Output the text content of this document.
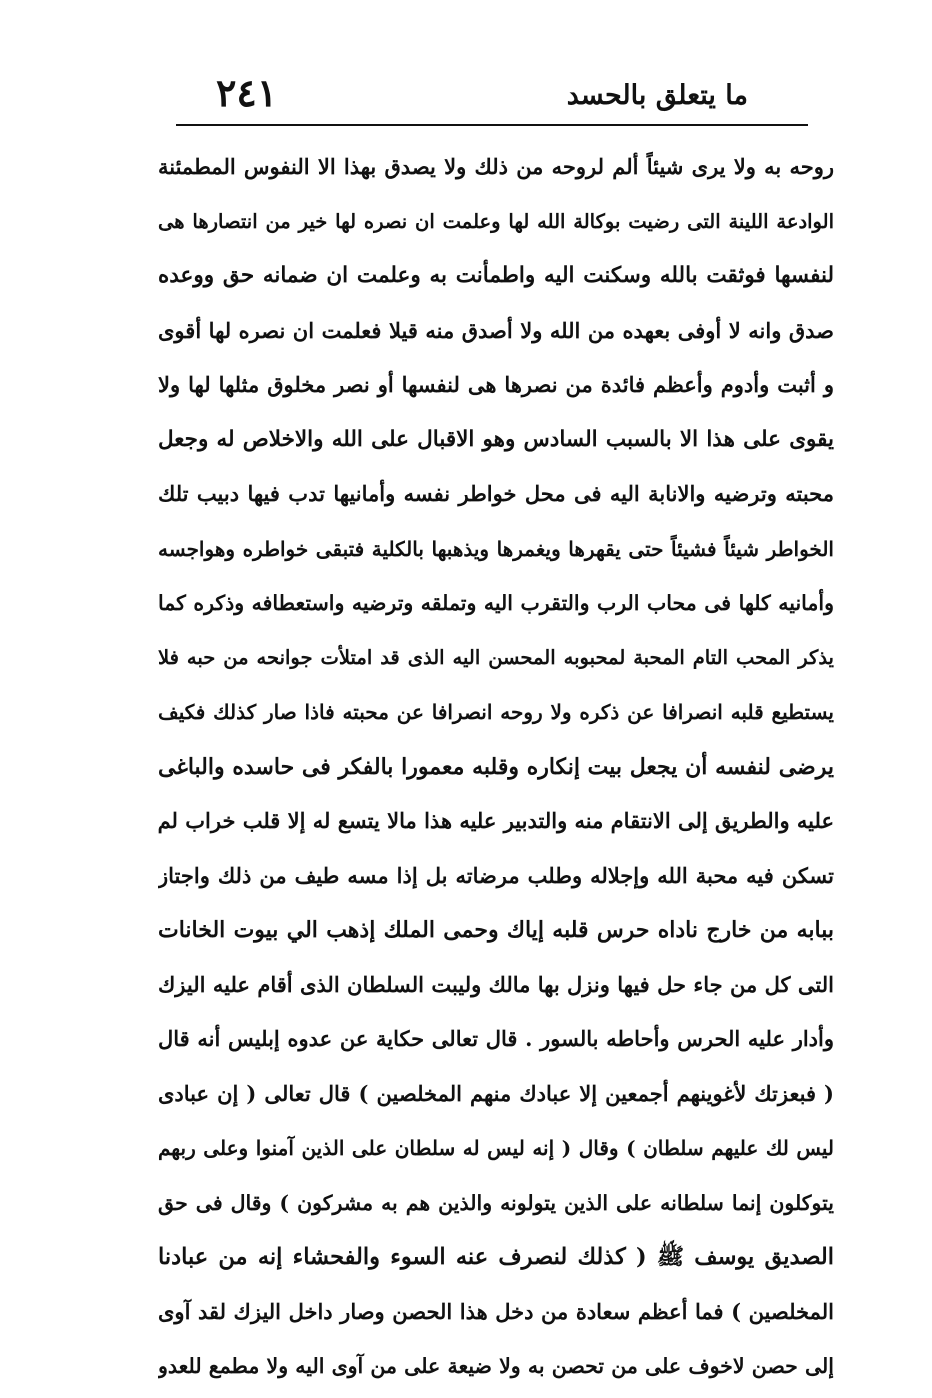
ما يتعلق بالحسد
٢٤١
روحه به ولا يرى شيئاً ألم لروحه من ذلك ولا يصدق بهذا الا النفوس المطمئنة
الوادعة اللينة التى رضيت بوكالة الله لها وعلمت ان نصره لها خير من انتصارها هى
لنفسها فوثقت بالله وسكنت اليه واطمأنت به وعلمت ان ضمانه حق ووعده
صدق وانه لا أوفى بعهده من الله ولا أصدق منه قيلا فعلمت ان نصره لها أقوى
و أثبت وأدوم وأعظم فائدة من نصرها هى لنفسها أو نصر مخلوق مثلها لها ولا
يقوى على هذا الا بالسبب السادس وهو الاقبال على الله والاخلاص له وجعل
محبته وترضيه والانابة اليه فى محل خواطر نفسه وأمانيها تدب فيها دبيب تلك
الخواطر شيئاً فشيئاً حتى يقهرها ويغمرها ويذهبها بالكلية فتبقى خواطره وهواجسه
وأمانيه كلها فى محاب الرب والتقرب اليه وتملقه وترضيه واستعطافه وذكره كما
يذكر المحب التام المحبة لمحبوبه المحسن اليه الذى قد امتلأت جوانحه من حبه فلا
يستطيع قلبه انصرافا عن ذكره ولا روحه انصرافا عن محبته فاذا صار كذلك فكيف
يرضى لنفسه أن يجعل بيت إنكاره وقلبه معمورا بالفكر فى حاسده والباغى
عليه والطريق إلى الانتقام منه والتدبير عليه هذا مالا يتسع له إلا قلب خراب لم
تسكن فيه محبة الله وإجلاله وطلب مرضاته بل إذا مسه طيف من ذلك واجتاز
ببابه من خارج ناداه حرس قلبه إياك وحمى الملك إذهب الي بيوت الخانات
التى كل من جاء حل فيها ونزل بها مالك وليبت السلطان الذى أقام عليه اليزك
وأدار عليه الحرس وأحاطه بالسور . قال تعالى حكاية عن عدوه إبليس أنه قال
( فبعزتك لأغوينهم أجمعين إلا عبادك منهم المخلصين ) قال تعالى ( إن عبادى
ليس لك عليهم سلطان ) وقال ( إنه ليس له سلطان على الذين آمنوا وعلى ربهم
يتوكلون إنما سلطانه على الذين يتولونه والذين هم به مشركون ) وقال فى حق
الصديق يوسف ﷺ ( كذلك لنصرف عنه السوء والفحشاء إنه من عبادنا
المخلصين ) فما أعظم سعادة من دخل هذا الحصن وصار داخل اليزك لقد آوى
إلى حصن لاخوف على من تحصن به ولا ضيعة على من آوى اليه ولا مطمع للعدو
